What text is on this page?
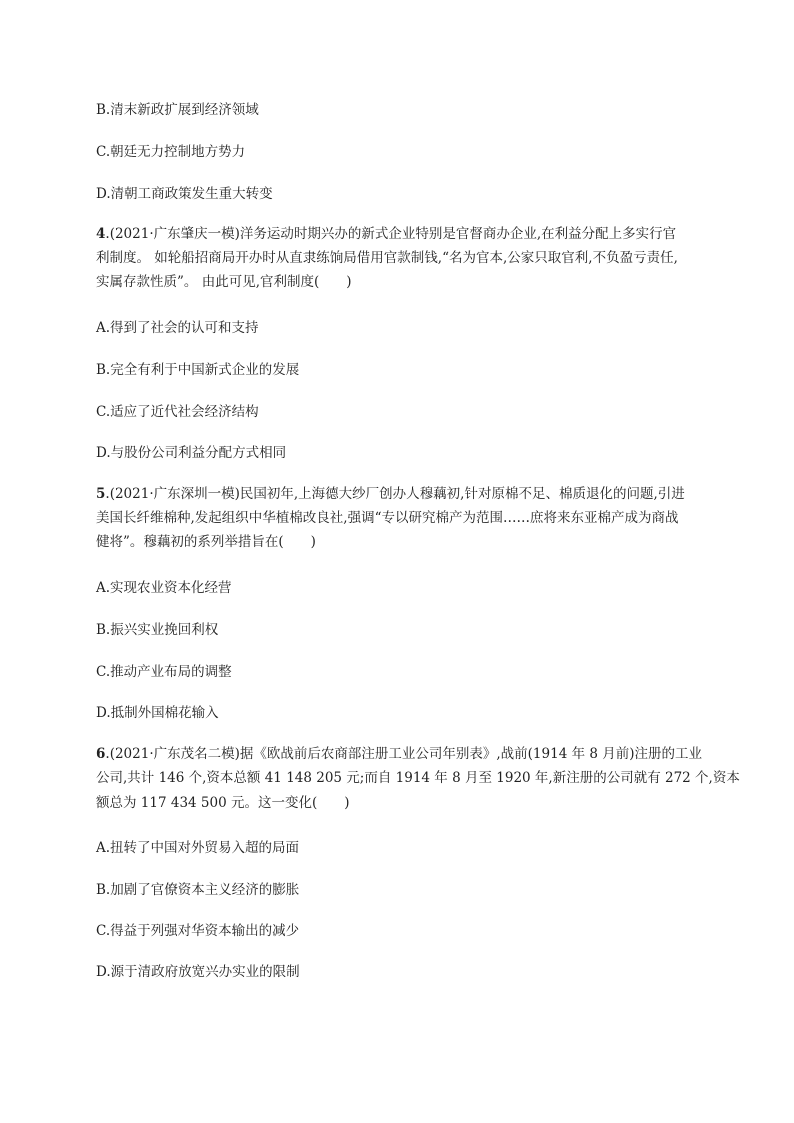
B.清末新政扩展到经济领域
C.朝廷无力控制地方势力
D.清朝工商政策发生重大转变
4.(2021·广东肇庆一模)洋务运动时期兴办的新式企业特别是官督商办企业,在利益分配上多实行官
利制度。 如轮船招商局开办时从直隶练饷局借用官款制钱,“名为官本,公家只取官利,不负盈亏责任,
实属存款性质”。 由此可见,官利制度(　　)
A.得到了社会的认可和支持
B.完全有利于中国新式企业的发展
C.适应了近代社会经济结构
D.与股份公司利益分配方式相同
5.(2021·广东深圳一模)民国初年,上海德大纱厂创办人穆藕初,针对原棉不足、棉质退化的问题,引进
美国长纤维棉种,发起组织中华植棉改良社,强调“专以研究棉产为范围……庶将来东亚棉产成为商战
健将”。穆藕初的系列举措旨在(　　)
A.实现农业资本化经营
B.振兴实业挽回利权
C.推动产业布局的调整
D.抵制外国棉花输入
6.(2021·广东茂名二模)据《欧战前后农商部注册工业公司年别表》,战前(1914 年 8 月前)注册的工业
公司,共计 146 个,资本总额 41 148 205 元;而自 1914 年 8 月至 1920 年,新注册的公司就有 272 个,资本
额总为 117 434 500 元。这一变化(　　)
A.扭转了中国对外贸易入超的局面
B.加剧了官僚资本主义经济的膨胀
C.得益于列强对华资本输出的减少
D.源于清政府放宽兴办实业的限制
